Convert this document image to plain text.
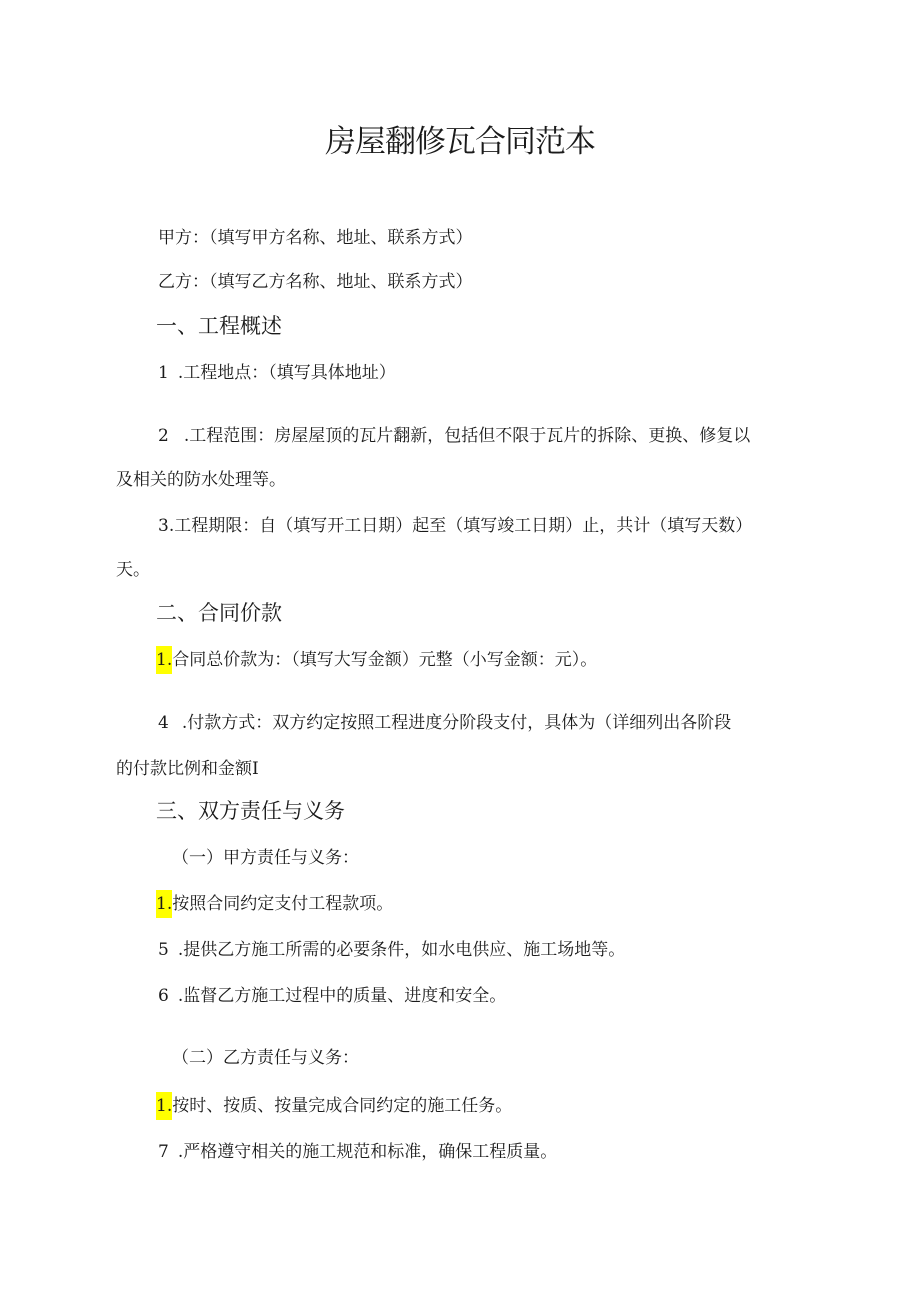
房屋翻修瓦合同范本
甲方：（填写甲方名称、地址、联系方式）
乙方：（填写乙方名称、地址、联系方式）
一、工程概述
1 .工程地点：（填写具体地址）
2 .工程范围：房屋屋顶的瓦片翻新，包括但不限于瓦片的拆除、更换、修复以
及相关的防水处理等。
3.工程期限：自（填写开工日期）起至（填写竣工日期）止，共计（填写天数）
天。
二、合同价款
1.合同总价款为：（填写大写金额）元整（小写金额：元）。
4 .付款方式：双方约定按照工程进度分阶段支付，具体为（详细列出各阶段
的付款比例和金额I
三、双方责任与义务
（一）甲方责任与义务：
1.按照合同约定支付工程款项。
5 .提供乙方施工所需的必要条件，如水电供应、施工场地等。
6 .监督乙方施工过程中的质量、进度和安全。
（二）乙方责任与义务：
1.按时、按质、按量完成合同约定的施工任务。
7 .严格遵守相关的施工规范和标准，确保工程质量。
